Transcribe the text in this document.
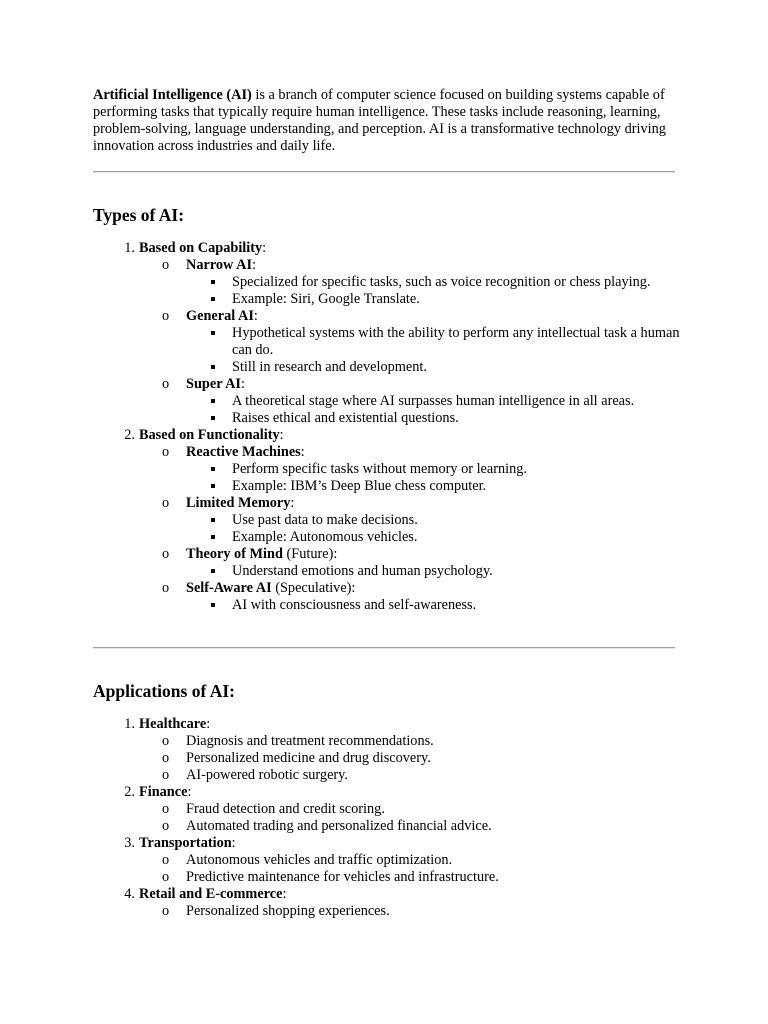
Artificial Intelligence (AI) is a branch of computer science focused on building systems capable of performing tasks that typically require human intelligence. These tasks include reasoning, learning, problem-solving, language understanding, and perception. AI is a transformative technology driving innovation across industries and daily life.

Types of AI:
1. Based on Capability:
o	Narrow AI:
Specialized for specific tasks, such as voice recognition or chess playing.
Example: Siri, Google Translate.
o	General AI:
Hypothetical systems with the ability to perform any intellectual task a human can do.
Still in research and development.
o	Super AI:
A theoretical stage where AI surpasses human intelligence in all areas.
Raises ethical and existential questions.
2. Based on Functionality:
o	Reactive Machines:
Perform specific tasks without memory or learning.
Example: IBM’s Deep Blue chess computer.
o	Limited Memory:
Use past data to make decisions.
Example: Autonomous vehicles.
o	Theory of Mind (Future):
Understand emotions and human psychology.
o	Self-Aware AI (Speculative):
AI with consciousness and self-awareness.
Applications of AI:
1. Healthcare:
o	Diagnosis and treatment recommendations.
o	Personalized medicine and drug discovery.
o	AI-powered robotic surgery.
2. Finance:
o	Fraud detection and credit scoring.
o	Automated trading and personalized financial advice.
3. Transportation:
o	Autonomous vehicles and traffic optimization.
o	Predictive maintenance for vehicles and infrastructure.
4. Retail and E-commerce:
o	Personalized shopping experiences.
